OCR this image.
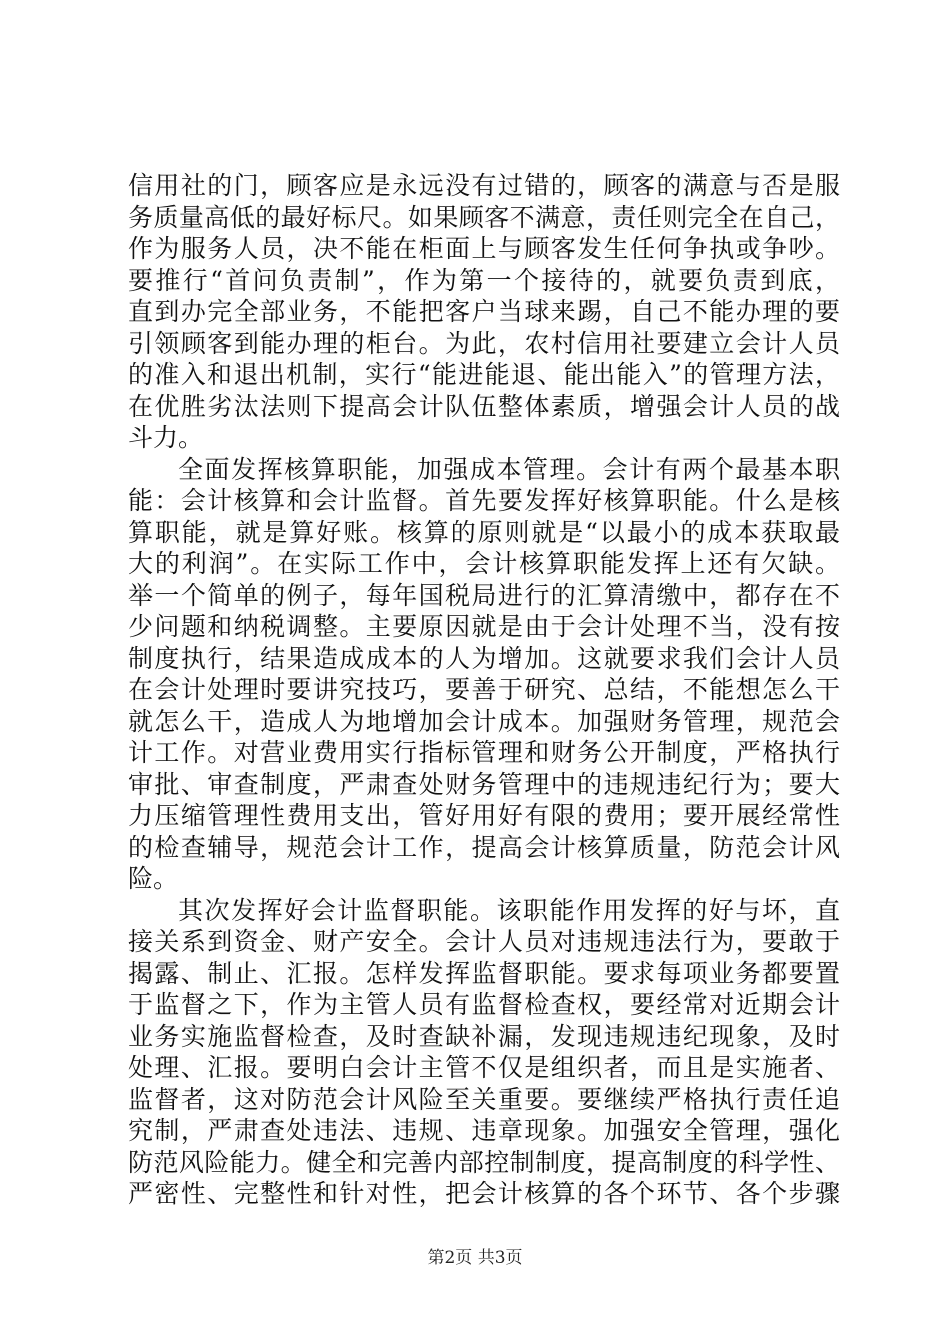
信用社的门，顾客应是永远没有过错的，顾客的满意与否是服
务质量高低的最好标尺。如果顾客不满意，责任则完全在自己，
作为服务人员，决不能在柜面上与顾客发生任何争执或争吵。
要推行“首问负责制”，作为第一个接待的，就要负责到底，
直到办完全部业务，不能把客户当球来踢，自己不能办理的要
引领顾客到能办理的柜台。为此，农村信用社要建立会计人员
的准入和退出机制，实行“能进能退、能出能入”的管理方法，
在优胜劣汰法则下提高会计队伍整体素质，增强会计人员的战
斗力。
全面发挥核算职能，加强成本管理。会计有两个最基本职
能：会计核算和会计监督。首先要发挥好核算职能。什么是核
算职能，就是算好账。核算的原则就是“以最小的成本获取最
大的利润”。在实际工作中，会计核算职能发挥上还有欠缺。
举一个简单的例子，每年国税局进行的汇算清缴中，都存在不
少问题和纳税调整。主要原因就是由于会计处理不当，没有按
制度执行，结果造成成本的人为增加。这就要求我们会计人员
在会计处理时要讲究技巧，要善于研究、总结，不能想怎么干
就怎么干，造成人为地增加会计成本。加强财务管理，规范会
计工作。对营业费用实行指标管理和财务公开制度，严格执行
审批、审查制度，严肃查处财务管理中的违规违纪行为；要大
力压缩管理性费用支出，管好用好有限的费用；要开展经常性
的检查辅导，规范会计工作，提高会计核算质量，防范会计风
险。
其次发挥好会计监督职能。该职能作用发挥的好与坏，直
接关系到资金、财产安全。会计人员对违规违法行为，要敢于
揭露、制止、汇报。怎样发挥监督职能。要求每项业务都要置
于监督之下，作为主管人员有监督检查权，要经常对近期会计
业务实施监督检查，及时查缺补漏，发现违规违纪现象，及时
处理、汇报。要明白会计主管不仅是组织者，而且是实施者、
监督者，这对防范会计风险至关重要。要继续严格执行责任追
究制，严肃查处违法、违规、违章现象。加强安全管理，强化
防范风险能力。健全和完善内部控制制度，提高制度的科学性、
严密性、完整性和针对性，把会计核算的各个环节、各个步骤
第2页 共3页
